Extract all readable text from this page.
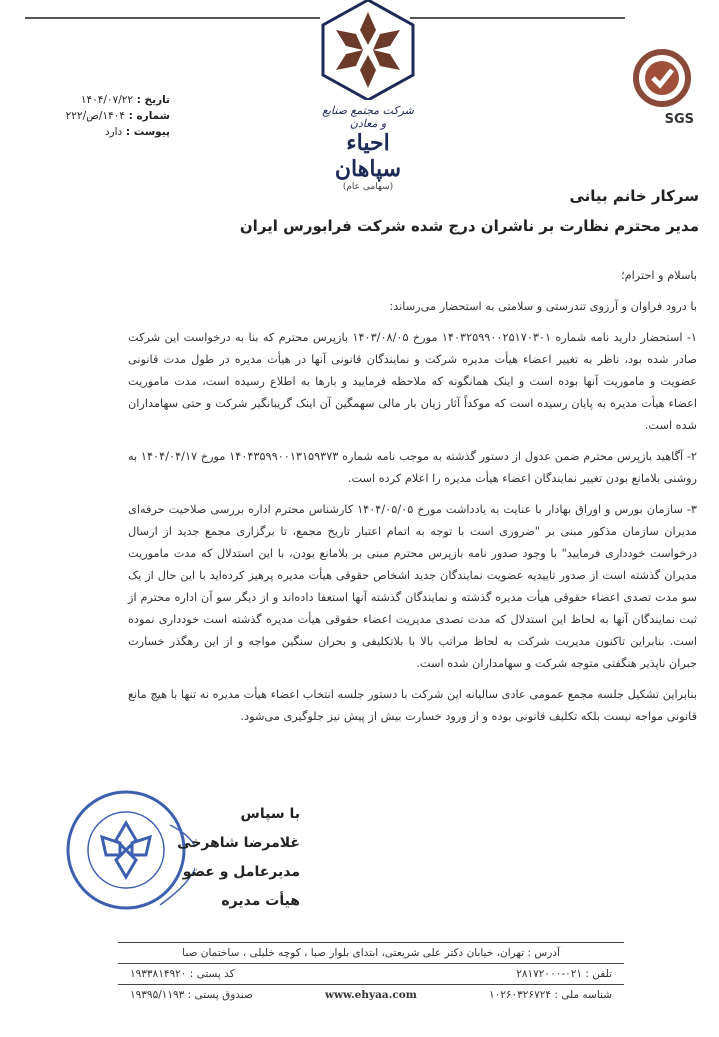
شرکت مجتمع صنایع و معادن
احیاء سپاهان
(سهامی عام)
SGS
تاریخ : ۱۴۰۴/۰۷/۲۲
شماره : ۱۴۰۴/ص/۲۲۲
پیوست : دارد
سرکار خانم بیانی
مدیر محترم نظارت بر ناشران درج شده شرکت فرابورس ایران

باسلام و احترام؛

با درود فراوان و آرزوی تندرستی و سلامتی به استحضار می‌رساند:

۱- استحضار دارید نامه شماره ۱۴۰۳۲۵۹۹۰۰۲۵۱۷۰۳۰۱ مورخ ۱۴۰۳/۰۸/۰۵ بازپرس محترم که بنا به درخواست این شرکت صادر شده بود، ناظر به تغییر اعضاء هیأت مدیره شرکت و نمایندگان قانونی آنها در هیأت مدیره در طول مدت قانونی عضویت و ماموریت آنها بوده است و اینک همانگونه که ملاحظه فرمایید و بارها به اطلاع رسیده است، مدت ماموریت اعضاء هیأت مدیره به پایان رسیده است که موکداً آثار زیان بار مالی سهمگین آن اینک گریبانگیر شرکت و حتی سهامداران شده است.

۲- آگاهید بازپرس محترم ضمن عدول از دستور گذشته به موجب نامه شماره ۱۴۰۴۳۵۹۹۰۰۱۳۱۵۹۳۷۳ مورخ ۱۴۰۴/۰۴/۱۷ به روشنی بلامانع بودن تغییر نمایندگان اعضاء هیأت مدیره را اعلام کرده است.

۳- سازمان بورس و اوراق بهادار با عنایت به یادداشت مورخ ۱۴۰۴/۰۵/۰۵ کارشناس محترم اداره بررسی صلاحیت حرفه‌ای مدیران سازمان مذکور مبنی بر "ضروری است با توجه به اتمام اعتبار تاریخ مجمع، تا برگزاری مجمع جدید از ارسال درخواست خودداری فرمایید" با وجود صدور نامه بازپرس محترم مبنی بر بلامانع بودن، با این استدلال که مدت ماموریت مدیران گذشته است از صدور تاییدیه عضویت نمایندگان جدید اشخاص حقوقی هیأت مدیره پرهیز کرده‌اید با این حال از یک سو مدت تصدی اعضاء حقوقی هیأت مدیره گذشته و نمایندگان گذشته آنها استعفا داده‌اند و از دیگر سو آن اداره محترم از ثبت نمایندگان آنها به لحاظ این استدلال که مدت تصدی مدیریت اعضاء حقوقی هیأت مدیره گذشته است خودداری نموده است. بنابراین تاکنون مدیریت شرکت به لحاظ مراتب بالا با بلاتکلیفی و بحران سنگین مواجه و از این رهگذر خسارت جبران ناپذیر هنگفتی متوجه شرکت و سهامداران شده است.

بنابراین تشکیل جلسه مجمع عمومی عادی سالیانه این شرکت با دستور جلسه انتخاب اعضاء هیأت مدیره نه تنها با هیچ مانع قانونی مواجه نیست بلکه تکلیف قانونی بوده و از ورود خسارت بیش از پیش نیز جلوگیری می‌شود.

با سپاس
غلامرضا شاهرخی
مدیرعامل و عضو هیأت مدیره
آدرس : تهران، خیابان دکتر علی شریعتی، ابتدای بلوار صبا ، کوچه خلیلی ، ساختمان صبا
تلفن : ۰۲۱-۲۸۱۷۲۰۰۰
کد پستی : ۱۹۳۳۸۱۴۹۲۰
شناسه ملی : ۱۰۲۶۰۳۲۶۷۲۴
www.ehyaa.com
صندوق پستی : ۱۹۳۹۵/۱۱۹۳
